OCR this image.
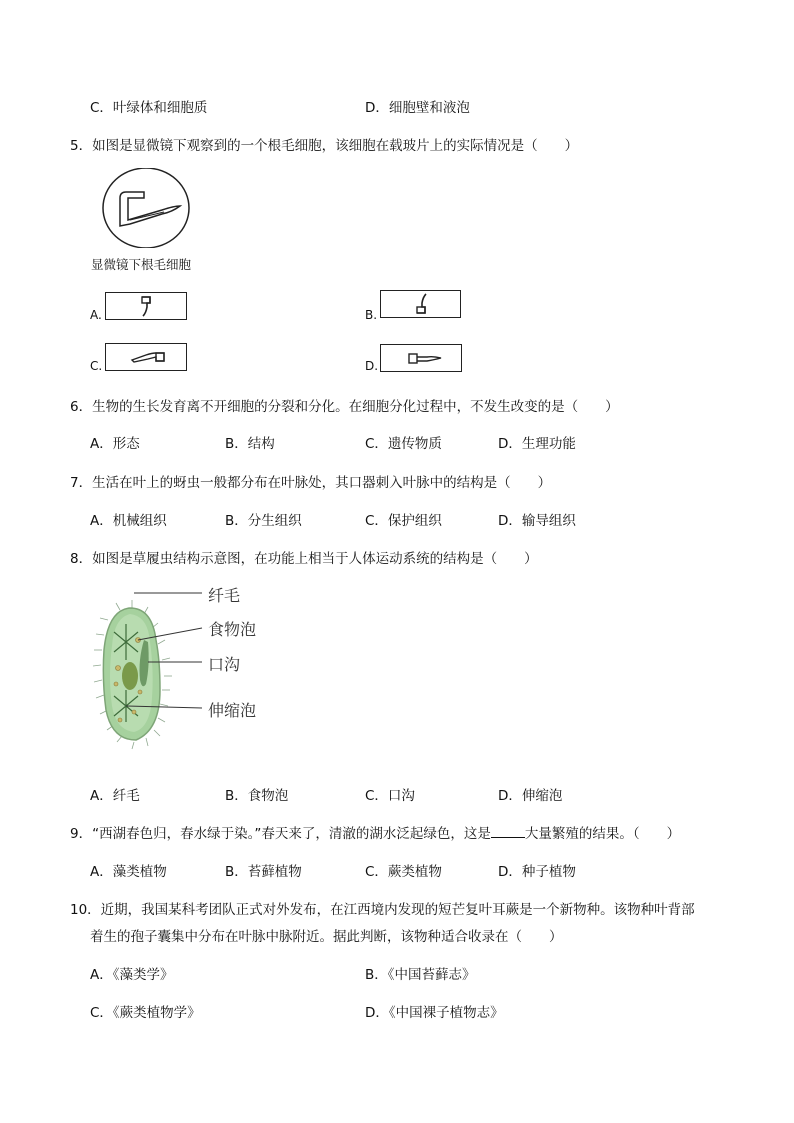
C．叶绿体和细胞质	D．细胞壁和液泡
5．如图是显微镜下观察到的一个根毛细胞，该细胞在载玻片上的实际情况是（　　）
显微镜下根毛细胞
A.	B.
C.	D.
6．生物的生长发育离不开细胞的分裂和分化。在细胞分化过程中，不发生改变的是（　　）
A．形态	B．结构	C．遗传物质	D．生理功能
7．生活在叶上的蚜虫一般都分布在叶脉处，其口器刺入叶脉中的结构是（　　）
A．机械组织	B．分生组织	C．保护组织	D．输导组织
8．如图是草履虫结构示意图，在功能上相当于人体运动系统的结构是（　　）
纤毛
食物泡
口沟
伸缩泡
A．纤毛	B．食物泡	C．口沟	D．伸缩泡
9．“西湖春色归，春水绿于染。”春天来了，清澈的湖水泛起绿色，这是	大量繁殖的结果。（　　）
A．藻类植物	B．苔藓植物	C．蕨类植物	D．种子植物
10．近期，我国某科考团队正式对外发布，在江西境内发现的短芒复叶耳蕨是一个新物种。该物种叶背部
着生的孢子囊集中分布在叶脉中脉附近。据此判断，该物种适合收录在（　　）
A．《藻类学》	B．《中国苔藓志》
C．《蕨类植物学》	D．《中国裸子植物志》
